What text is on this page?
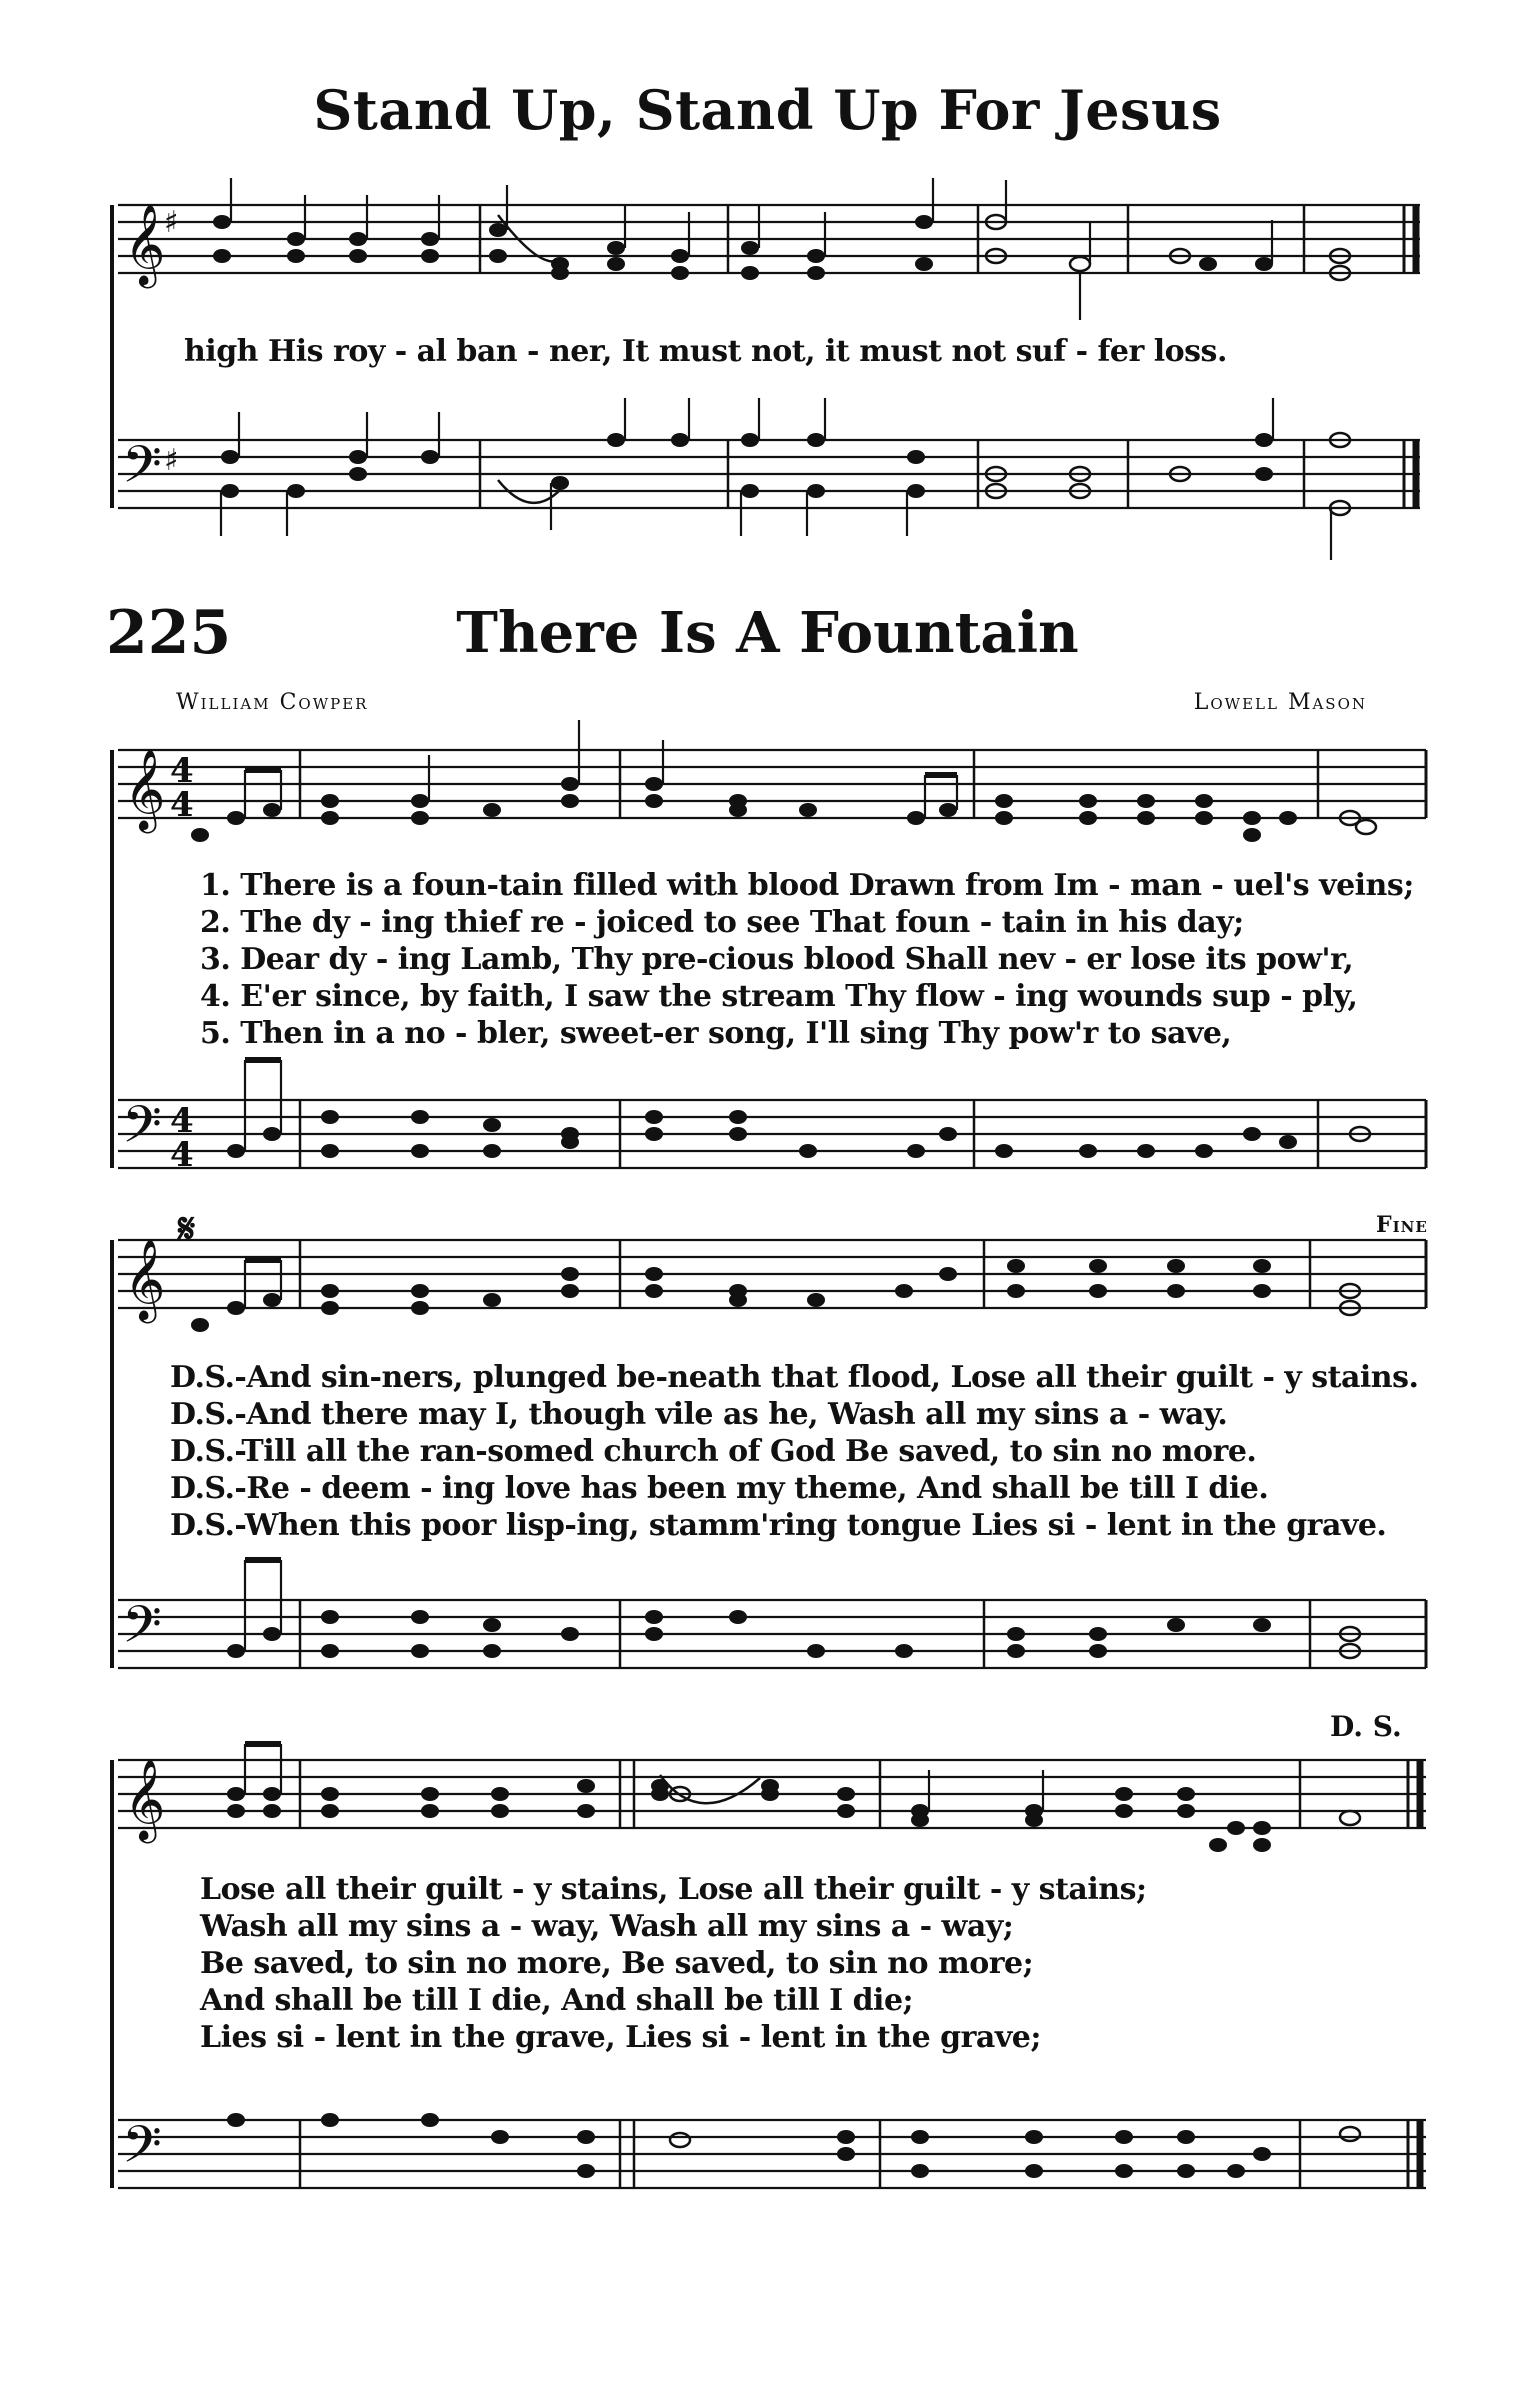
Stand Up, Stand Up For Jesus
𝄞
♯
𝄢 ♯
high His roy - al ban - ner, It must not, it must not suf - fer loss.
225	There Is A Fountain
William Cowper	Lowell Mason
𝄞
𝄢
𝄞
𝄢
𝄞
𝄢
4
4
4
4
𝄋	Fine
D. S.
1. There is a foun-tain filled with blood Drawn from Im - man - uel's veins;
2. The dy - ing thief re - joiced to see That foun - tain in his day;
3. Dear dy - ing Lamb, Thy pre-cious blood Shall nev - er lose its pow'r,
4. E'er since, by faith, I saw the stream Thy flow - ing wounds sup - ply,
5. Then in a no - bler, sweet-er song, I'll sing Thy pow'r to save,
D.S.-And sin-ners, plunged be-neath that flood, Lose all their guilt - y stains.
D.S.-And there may I, though vile as he, Wash all my sins a - way.
D.S.-Till all the ran-somed church of God Be saved, to sin no more.
D.S.-Re - deem - ing love has been my theme, And shall be till I die.
D.S.-When this poor lisp-ing, stamm'ring tongue Lies si - lent in the grave.
Lose all their guilt - y stains, Lose all their guilt - y stains;
Wash all my sins a - way, Wash all my sins a - way;
Be saved, to sin no more, Be saved, to sin no more;
And shall be till I die, And shall be till I die;
Lies si - lent in the grave, Lies si - lent in the grave;
